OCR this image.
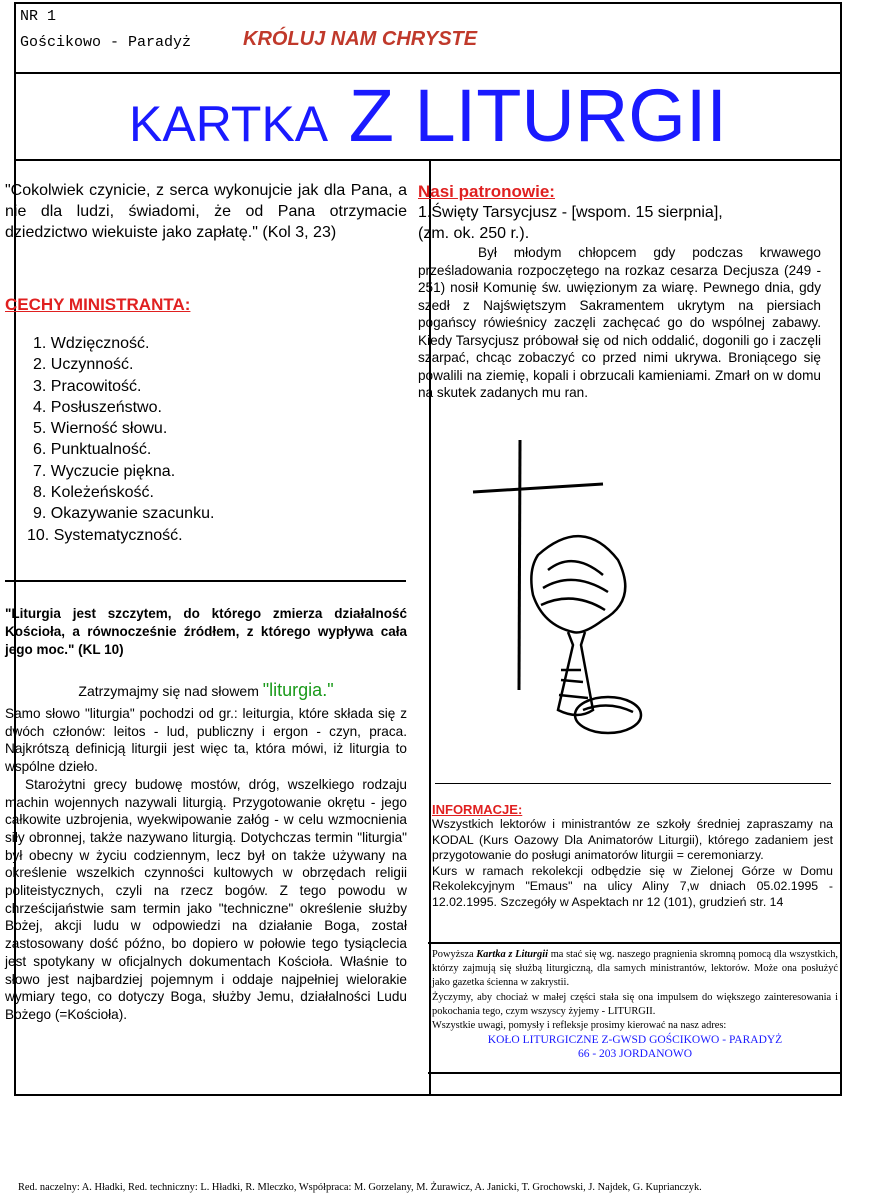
NR 1
Gościkowo - Paradyż	KRÓLUJ NAM CHRYSTE
KARTKA Z LITURGII
"Cokolwiek czynicie, z serca wykonujcie jak dla Pana, a nie dla ludzi, świadomi, że od Pana otrzymacie dziedzictwo wiekuiste jako zapłatę." (Kol 3, 23)
CECHY MINISTRANTA:
1. Wdzięczność.
2. Uczynność.
3. Pracowitość.
4. Posłuszeństwo.
5. Wierność słowu.
6. Punktualność.
7. Wyczucie piękna.
8. Koleżeńskość.
9. Okazywanie szacunku.
10. Systematyczność.
"Liturgia jest szczytem, do którego zmierza działalność Kościoła, a równocześnie źródłem, z którego wypływa cała jego moc." (KL 10)
Zatrzymajmy się nad słowem "liturgia."

Samo słowo "liturgia" pochodzi od gr.: leiturgia, które składa się z dwóch członów: leitos - lud, publiczny i ergon - czyn, praca. Najkrótszą definicją liturgii jest więc ta, która mówi, iż liturgia to wspólne dzieło.

Starożytni grecy budowę mostów, dróg, wszelkiego rodzaju machin wojennych nazywali liturgią. Przygotowanie okrętu - jego całkowite uzbrojenia, wyekwipowanie załóg - w celu wzmocnienia siły obronnej, także nazywano liturgią. Dotychczas termin "liturgia" był obecny w życiu codziennym, lecz był on także używany na określenie wszelkich czynności kultowych w obrzędach religii politeistycznych, czyli na rzecz bogów. Z tego powodu w chrześcijaństwie sam termin jako "techniczne" określenie służby Bożej, akcji ludu w odpowiedzi na działanie Boga, został zastosowany dość późno, bo dopiero w połowie tego tysiąclecia jest spotykany w oficjalnych dokumentach Kościoła. Właśnie to słowo jest najbardziej pojemnym i oddaje najpełniej wielorakie wymiary tego, co dotyczy Boga, służby Jemu, działalności Ludu Bożego (=Kościoła).

Nasi patronowie:
1.Święty Tarsycjusz - [wspom. 15 sierpnia],
(zm. ok. 250 r.).
Był młodym chłopcem gdy podczas krwawego prześladowania rozpoczętego na rozkaz cesarza Decjusza (249 - 251) nosił Komunię św. uwięzionym za wiarę. Pewnego dnia, gdy szedł z Najświętszym Sakramentem ukrytym na piersiach pogańscy rówieśnicy zaczęli zachęcać go do wspólnej zabawy. Kiedy Tarsycjusz próbował się od nich oddalić, dogonili go i zaczęli szarpać, chcąc zobaczyć co przed nimi ukrywa. Broniącego się powalili na ziemię, kopali i obrzucali kamieniami. Zmarł on w domu na skutek zadanych mu ran.
INFORMACJE:
Wszystkich lektorów i ministrantów ze szkoły średniej zapraszamy na KODAL (Kurs Oazowy Dla Animatorów Liturgii), którego zadaniem jest przygotowanie do posługi animatorów liturgii = ceremoniarzy.
Kurs w ramach rekolekcji odbędzie się w Zielonej Górze w Domu Rekolekcyjnym "Emaus" na ulicy Aliny 7,w dniach 05.02.1995 - 12.02.1995. Szczegóły w Aspektach nr 12 (101), grudzień str. 14
Powyższa Kartka z Liturgii ma stać się wg. naszego pragnienia skromną pomocą dla wszystkich, którzy zajmują się służbą liturgiczną, dla samych ministrantów, lektorów. Może ona posłużyć jako gazetka ścienna w zakrystii.
Życzymy, aby chociaż w małej części stała się ona impulsem do większego zainteresowania i pokochania tego, czym wszyscy żyjemy - LITURGII.
Wszystkie uwagi, pomysły i refleksje prosimy kierować na nasz adres:
KOŁO LITURGICZNE Z-GWSD GOŚCIKOWO - PARADYŻ
66 - 203 JORDANOWO
Red. naczelny: A. Hładki, Red. techniczny: L. Hładki, R. Mleczko, Współpraca: M. Gorzelany, M. Żurawicz, A. Janicki, T. Grochowski, J. Najdek, G. Kuprianczyk.
